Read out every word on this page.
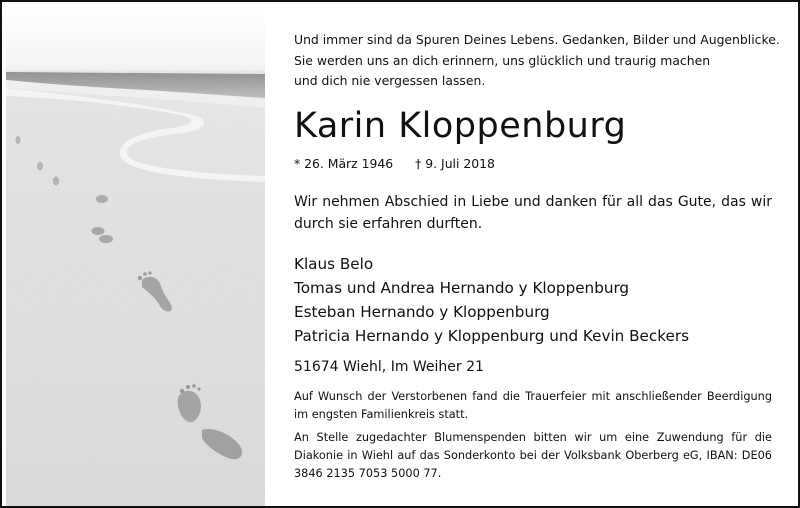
Und immer sind da Spuren Deines Lebens. Gedanken, Bilder und Augenblicke.
Sie werden uns an dich erinnern, uns glücklich und traurig machen
und dich nie vergessen lassen.

Karin Kloppenburg
* 26. März 1946 † 9. Juli 2018
Wir nehmen Abschied in Liebe und danken für all das Gute, das wir durch sie erfahren durften.
Klaus Belo
Tomas und Andrea Hernando y Kloppenburg
Esteban Hernando y Kloppenburg
Patricia Hernando y Kloppenburg und Kevin Beckers
51674 Wiehl, Im Weiher 21
Auf Wunsch der Verstorbenen fand die Trauerfeier mit anschließender Beerdigung im engsten Familienkreis statt.
An Stelle zugedachter Blumenspenden bitten wir um eine Zuwendung für die Diakonie in Wiehl auf das Sonderkonto bei der Volksbank Oberberg eG, IBAN: DE06 3846 2135 7053 5000 77.
